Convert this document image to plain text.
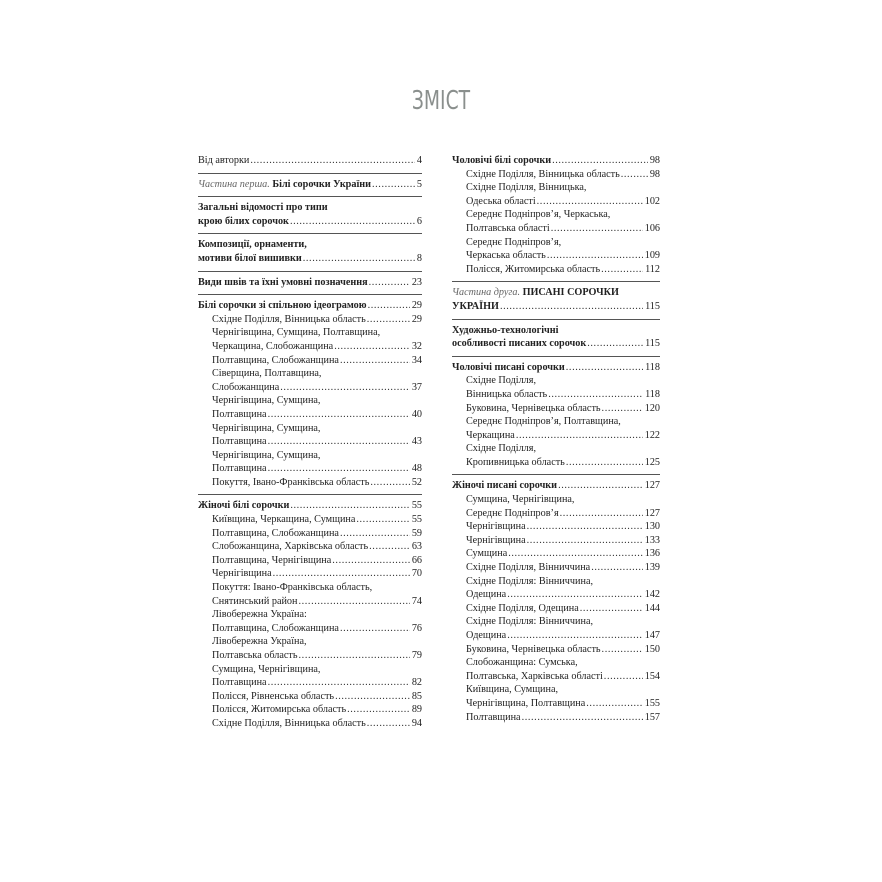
ЗМІСТ
Від авторки .....	4
Частина перша. Білі сорочки України .....	5
Загальні відомості про типи
крою білих сорочок .....	6
Композиції, орнаменти,
мотиви білої вишивки .....	8
Види швів та їхні умовні позначення .....	23
Білі сорочки зі спільною ідеограмою .....	29
Східне Поділля, Вінницька область .....	29
Чернігівщина, Сумщина, Полтавщина,
Черкащина, Слобожанщина .....	32
Полтавщина, Слобожанщина .....	34
Сіверщина, Полтавщина,
Слобожанщина .....	37
Чернігівщина, Сумщина,
Полтавщина .....	40
Чернігівщина, Сумщина,
Полтавщина .....	43
Чернігівщина, Сумщина,
Полтавщина .....	48
Покуття, Івано-Франківська область .....	52
Жіночі білі сорочки .....	55
Київщина, Черкащина, Сумщина .....	55
Полтавщина, Слобожанщина .....	59
Слобожанщина, Харківська область .....	63
Полтавщина, Чернігівщина .....	66
Чернігівщина .....	70
Покуття: Івано-Франківська область,
Снятинський район .....	74
Лівобережна Україна:
Полтавщина, Слобожанщина .....	76
Лівобережна Україна,
Полтавська область .....	79
Сумщина, Чернігівщина,
Полтавщина .....	82
Полісся, Рівненська область .....	85
Полісся, Житомирська область .....	89
Східне Поділля, Вінницька область .....	94
Чоловічі білі сорочки .....	98
Східне Поділля, Вінницька область .....	98
Східне Поділля, Вінницька,
Одеська області .....	102
Середнє Подніпров’я, Черкаська,
Полтавська області .....	106
Середнє Подніпров’я,
Черкаська область .....	109
Полісся, Житомирська область .....	112
Частина друга. ПИСАНІ СОРОЧКИ
УКРАЇНИ .....	115
Художньо-технологічні
особливості писаних сорочок .....	115
Чоловічі писані сорочки .....	118
Східне Поділля,
Вінницька область .....	118
Буковина, Чернівецька область .....	120
Середнє Подніпров’я, Полтавщина,
Черкащина .....	122
Східне Поділля,
Кропивницька область .....	125
Жіночі писані сорочки .....	127
Сумщина, Чернігівщина,
Середнє Подніпров’я .....	127
Чернігівщина .....	130
Чернігівщина .....	133
Сумщина .....	136
Східне Поділля, Вінниччина .....	139
Східне Поділля: Вінниччина,
Одещина .....	142
Східне Поділля, Одещина .....	144
Східне Поділля: Вінниччина,
Одещина .....	147
Буковина, Чернівецька область .....	150
Слобожанщина: Сумська,
Полтавська, Харківська області .....	154
Київщина, Сумщина,
Чернігівщина, Полтавщина .....	155
Полтавщина .....	157
